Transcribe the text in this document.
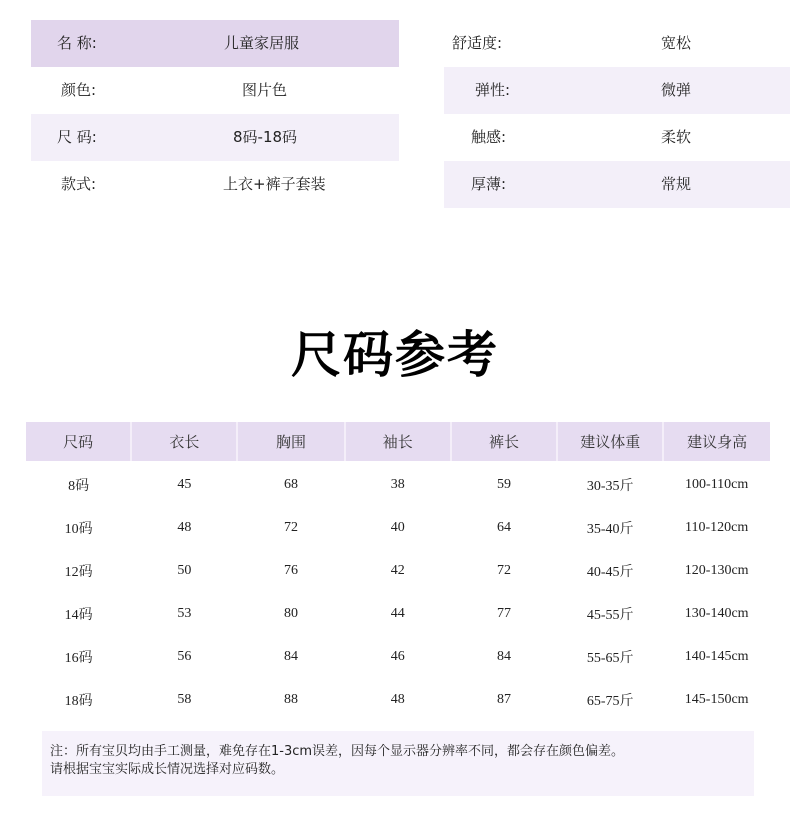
名 称:	儿童家居服
颜色:	图片色
尺 码:	8码-18码
款式:	上衣+裤子套装
舒适度:	宽松
弹性:	微弹
触感:	柔软
厚薄:	常规
尺码参考
尺码	衣长	胸围	袖长	裤长	建议体重	建议身高
8码	45	68	38	59	30-35斤	100-110cm
10码	48	72	40	64	35-40斤	110-120cm
12码	50	76	42	72	40-45斤	120-130cm
14码	53	80	44	77	45-55斤	130-140cm
16码	56	84	46	84	55-65斤	140-145cm
18码	58	88	48	87	65-75斤	145-150cm
注：所有宝贝均由手工测量，难免存在1-3cm误差，因每个显示器分辨率不同，都会存在颜色偏差。
请根据宝宝实际成长情况选择对应码数。
